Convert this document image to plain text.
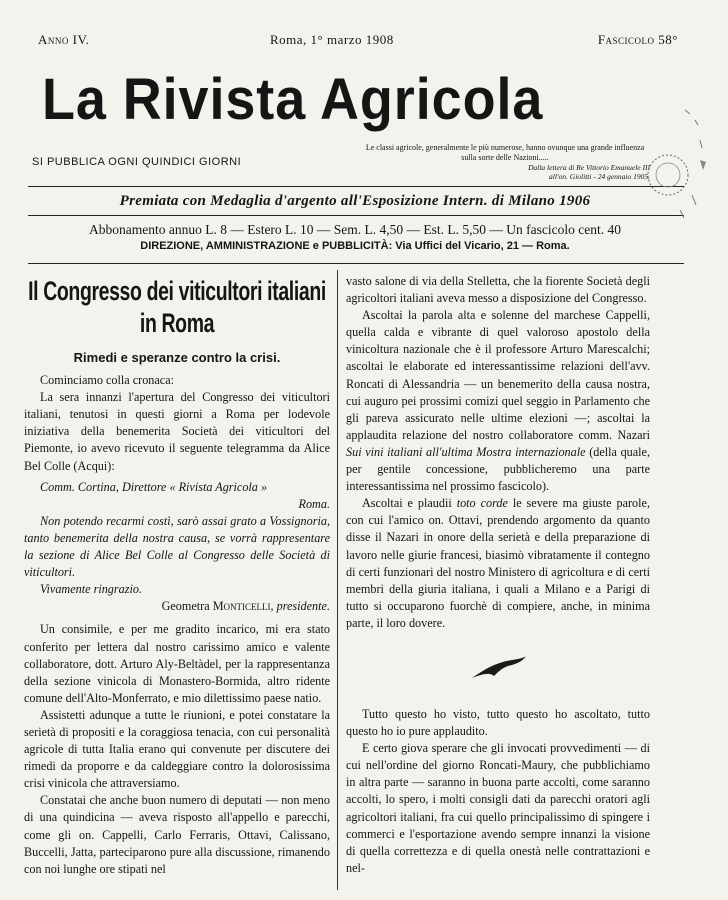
Anno IV.	Roma, 1° marzo 1908	Fascicolo 58°
La Rivista Agricola
SI PUBBLICA OGNI QUINDICI GIORNI
Le classi agricole, generalmente le più numerose, hanno ovunque una grande influenza sulla sorte delle Nazioni.....
Dalla lettera di Re Vittorio Emanuele III
all'on. Giolitti - 24 gennaio 1905.
Premiata con Medaglia d'argento all'Esposizione Intern. di Milano 1906
Abbonamento annuo L. 8 — Estero L. 10 — Sem. L. 4,50 — Est. L. 5,50 — Un fascicolo cent. 40
DIREZIONE, AMMINISTRAZIONE e PUBBLICITÀ: Via Uffici del Vicario, 21 — Roma.
Il Congresso dei viticultori italiani in Roma
Rimedi e speranze contro la crisi.

Cominciamo colla cronaca:

La sera innanzi l'apertura del Congresso dei viticultori italiani, tenutosi in questi giorni a Roma per lodevole iniziativa della benemerita Società dei viticultori del Piemonte, io avevo ricevuto il seguente telegramma da Alice Bel Colle (Acqui):

Comm. Cortina, Direttore « Rivista Agricola »

Roma.

Non potendo recarmi costì, sarò assai grato a Vossignoria, tanto benemerita della nostra causa, se vorrà rappresentare la sezione di Alice Bel Colle al Congresso delle Società di viticultori.

Vivamente ringrazio.

Geometra Monticelli, presidente.

Un consimile, e per me gradito incarico, mi era stato conferito per lettera dal nostro carissimo amico e valente collaboratore, dott. Arturo Aly-Beltàdel, per la rappresentanza della sezione vinicola di Monastero-Bormida, altro ridente comune dell'Alto-Monferrato, e mio dilettissimo paese natio.

Assistetti adunque a tutte le riunioni, e potei constatare la serietà di propositi e la coraggiosa tenacia, con cui personalità agricole di tutta Italia erano qui convenute per discutere dei rimedi da proporre e da caldeggiare contro la dolorosissima crisi vinicola che attraversiamo.

Constatai che anche buon numero di deputati — non meno di una quindicina — aveva risposto all'appello e parecchi, come gli on. Cappelli, Carlo Ferraris, Ottavi, Calissano, Buccelli, Jatta, parteciparono pure alla discussione, rimanendo con noi lunghe ore stipati nel

vasto salone di via della Stelletta, che la fiorente Società degli agricoltori italiani aveva messo a disposizione del Congresso.

Ascoltai la parola alta e solenne del marchese Cappelli, quella calda e vibrante di quel valoroso apostolo della vinicoltura nazionale che è il professore Arturo Marescalchi; ascoltai le elaborate ed interessantissime relazioni dell'avv. Roncati di Alessandria — un benemerito della causa nostra, cui auguro pei prossimi comizi quel seggio in Parlamento che gli pareva assicurato nelle ultime elezioni —; ascoltai la applaudita relazione del nostro collaboratore comm. Nazari Sui vini italiani all'ultima Mostra internazionale (della quale, per gentile concessione, pubblicheremo una parte interessantissima nel prossimo fascicolo).

Ascoltai e plaudii toto corde le severe ma giuste parole, con cui l'amico on. Ottavi, prendendo argomento da quanto disse il Nazari in onore della serietà e della preparazione di lavoro nelle giurie francesi, biasimò vibratamente il contegno di certi funzionari del nostro Ministero di agricoltura e di certi membri della giuria italiana, i quali a Milano e a Parigi di tutto si occuparono fuorchè di compiere, anche, in minima parte, il loro dovere.

Tutto questo ho visto, tutto questo ho ascoltato, tutto questo ho io pure applaudito.

E certo giova sperare che gli invocati provvedimenti — di cui nell'ordine del giorno Roncati-Maury, che pubblichiamo in altra parte — saranno in buona parte accolti, come saranno accolti, lo spero, i molti consigli dati da parecchi oratori agli agricoltori italiani, fra cui quello principalissimo di spingere i commerci e l'esportazione avendo sempre innanzi la visione di quella correttezza e di quella onestà nelle contrattazioni e nel-
